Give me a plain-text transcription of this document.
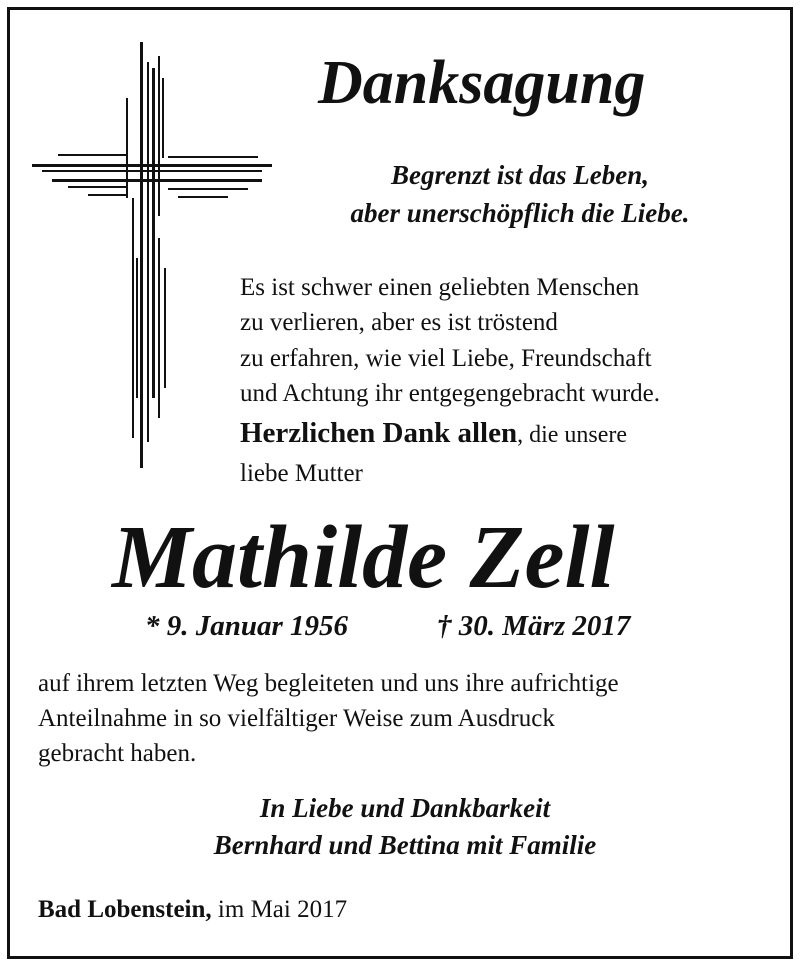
Danksagung
Begrenzt ist das Leben,
aber unerschöpflich die Liebe.
Es ist schwer einen geliebten Menschen
zu verlieren, aber es ist tröstend
zu erfahren, wie viel Liebe, Freundschaft
und Achtung ihr entgegengebracht wurde.
Herzlichen Dank allen, die unsere
liebe Mutter
Mathilde Zell
* 9. Januar 1956	† 30. März 2017
auf ihrem letzten Weg begleiteten und uns ihre aufrichtige
Anteilnahme in so vielfältiger Weise zum Ausdruck
gebracht haben.
In Liebe und Dankbarkeit
Bernhard und Bettina mit Familie
Bad Lobenstein, im Mai 2017
